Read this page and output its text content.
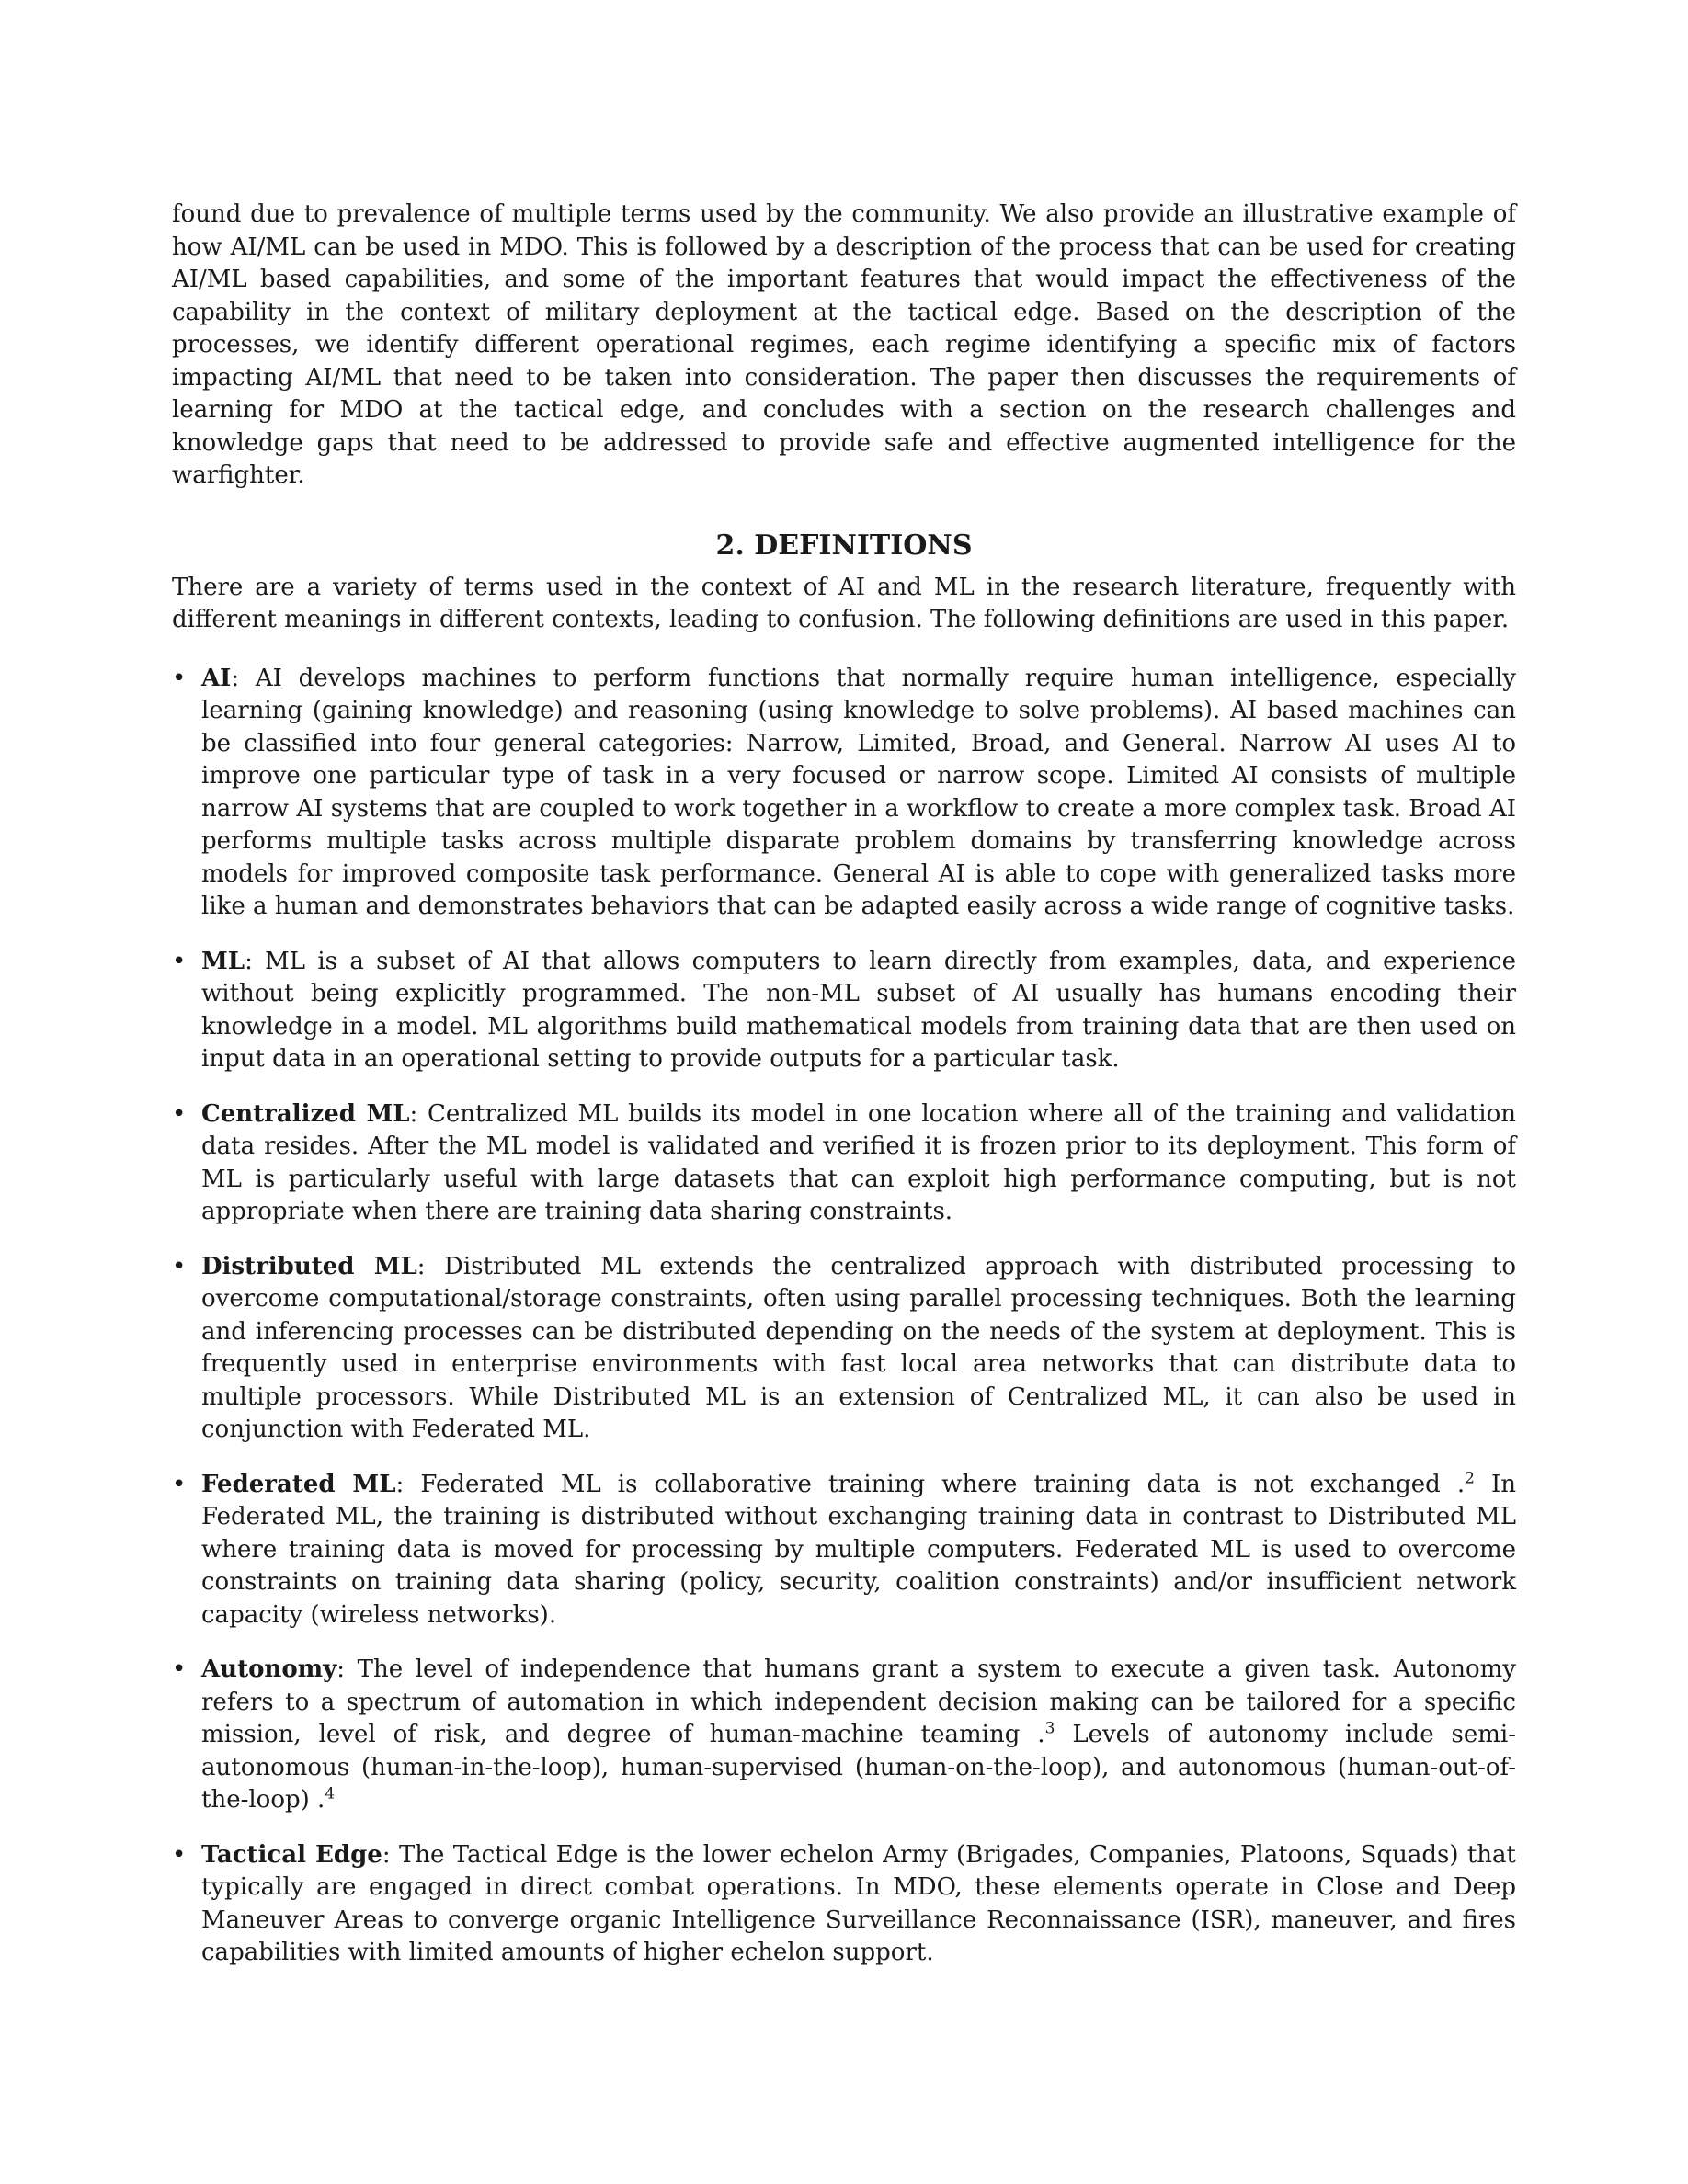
found due to prevalence of multiple terms used by the community. We also provide an illustrative example of how AI/ML can be used in MDO. This is followed by a description of the process that can be used for creating AI/ML based capabilities, and some of the important features that would impact the effectiveness of the capability in the context of military deployment at the tactical edge. Based on the description of the processes, we identify different operational regimes, each regime identifying a specific mix of factors impacting AI/ML that need to be taken into consideration. The paper then discusses the requirements of learning for MDO at the tactical edge, and concludes with a section on the research challenges and knowledge gaps that need to be addressed to provide safe and effective augmented intelligence for the warfighter.

2. DEFINITIONS

There are a variety of terms used in the context of AI and ML in the research literature, frequently with different meanings in different contexts, leading to confusion. The following definitions are used in this paper.

• AI: AI develops machines to perform functions that normally require human intelligence, especially learning (gaining knowledge) and reasoning (using knowledge to solve problems). AI based machines can be classified into four general categories: Narrow, Limited, Broad, and General. Narrow AI uses AI to improve one particular type of task in a very focused or narrow scope. Limited AI consists of multiple narrow AI systems that are coupled to work together in a workflow to create a more complex task. Broad AI performs multiple tasks across multiple disparate problem domains by transferring knowledge across models for improved composite task performance. General AI is able to cope with generalized tasks more like a human and demonstrates behaviors that can be adapted easily across a wide range of cognitive tasks.
• ML: ML is a subset of AI that allows computers to learn directly from examples, data, and experience without being explicitly programmed. The non-ML subset of AI usually has humans encoding their knowledge in a model. ML algorithms build mathematical models from training data that are then used on input data in an operational setting to provide outputs for a particular task.
• Centralized ML: Centralized ML builds its model in one location where all of the training and validation data resides. After the ML model is validated and verified it is frozen prior to its deployment. This form of ML is particularly useful with large datasets that can exploit high performance computing, but is not appropriate when there are training data sharing constraints.
• Distributed ML: Distributed ML extends the centralized approach with distributed processing to overcome computational/storage constraints, often using parallel processing techniques. Both the learning and inferencing processes can be distributed depending on the needs of the system at deployment. This is frequently used in enterprise environments with fast local area networks that can distribute data to multiple processors. While Distributed ML is an extension of Centralized ML, it can also be used in conjunction with Federated ML.
• Federated ML: Federated ML is collaborative training where training data is not exchanged .$^2$ In Federated ML, the training is distributed without exchanging training data in contrast to Distributed ML where training data is moved for processing by multiple computers. Federated ML is used to overcome constraints on training data sharing (policy, security, coalition constraints) and/or insufficient network capacity (wireless networks).
• Autonomy: The level of independence that humans grant a system to execute a given task. Autonomy refers to a spectrum of automation in which independent decision making can be tailored for a specific mission, level of risk, and degree of human-machine teaming .$^3$ Levels of autonomy include semi-autonomous (human-in-the-loop), human-supervised (human-on-the-loop), and autonomous (human-out-of-the-loop) .$^4$
• Tactical Edge: The Tactical Edge is the lower echelon Army (Brigades, Companies, Platoons, Squads) that typically are engaged in direct combat operations. In MDO, these elements operate in Close and Deep Maneuver Areas to converge organic Intelligence Surveillance Reconnaissance (ISR), maneuver, and fires capabilities with limited amounts of higher echelon support.
